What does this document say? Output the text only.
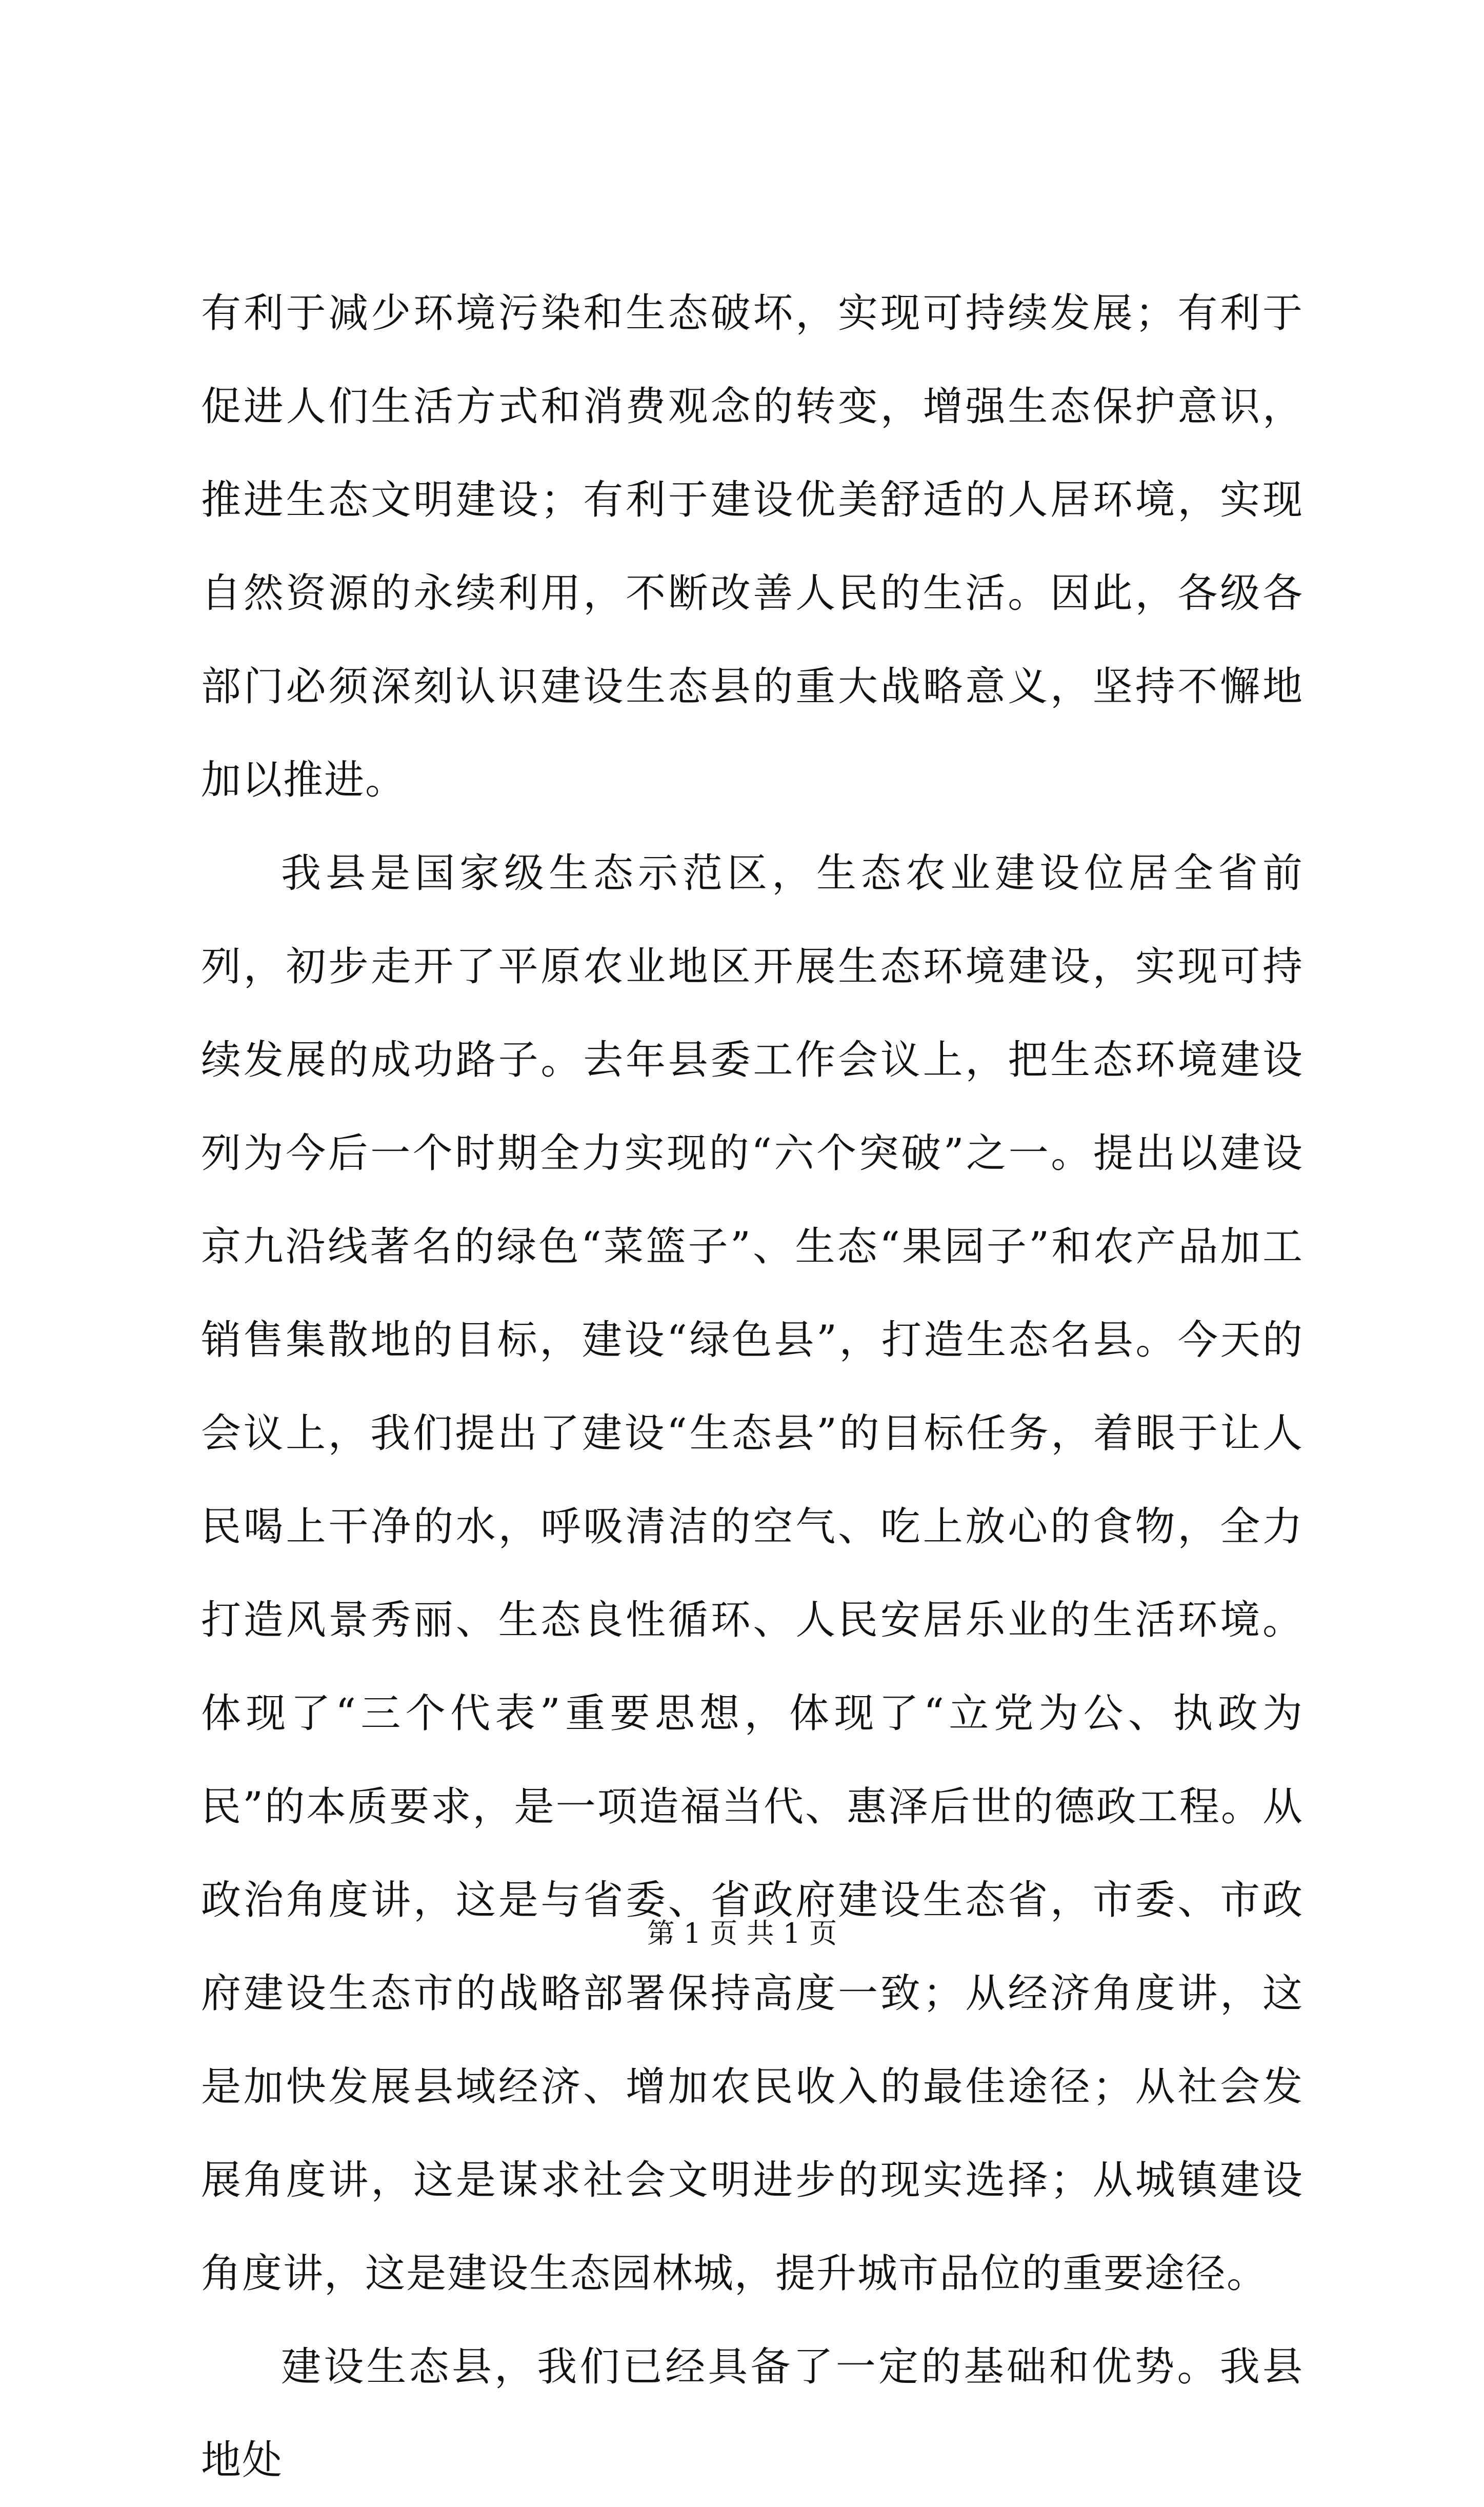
有利于减少环境污染和生态破坏，实现可持续发展；有利于促进人们生活方式和消费观念的转变，增强生态保护意识，推进生态文明建设；有利于建设优美舒适的人居环境，实现自然资源的永续利用，不断改善人民的生活。因此，各级各部门必须深刻认识建设生态县的重大战略意义，坚持不懈地加以推进。

我县是国家级生态示范区，生态农业建设位居全省前列，初步走开了平原农业地区开展生态环境建设，实现可持续发展的成功路子。去年县委工作会议上，把生态环境建设列为今后一个时期全力实现的“六个突破”之一。提出以建设京九沿线著名的绿色“菜篮子”、生态“果园子”和农产品加工销售集散地的目标，建设“绿色县”，打造生态名县。今天的会议上，我们提出了建设“生态县”的目标任务，着眼于让人民喝上干净的水，呼吸清洁的空气、吃上放心的食物，全力打造风景秀丽、生态良性循环、人民安居乐业的生活环境。体现了“三个代表”重要思想，体现了“立党为公、执政为民”的本质要求，是一项造福当代、惠泽后世的德政工程。从政治角度讲，这是与省委、省政府建设生态省，市委、市政府建设生态市的战略部署保持高度一致；从经济角度讲，这是加快发展县域经济、增加农民收入的最佳途径；从社会发展角度讲，这是谋求社会文明进步的现实选择；从城镇建设角度讲，这是建设生态园林城，提升城市品位的重要途径。

建设生态县，我们已经具备了一定的基础和优势。我县地处

第 1 页 共 1 页
